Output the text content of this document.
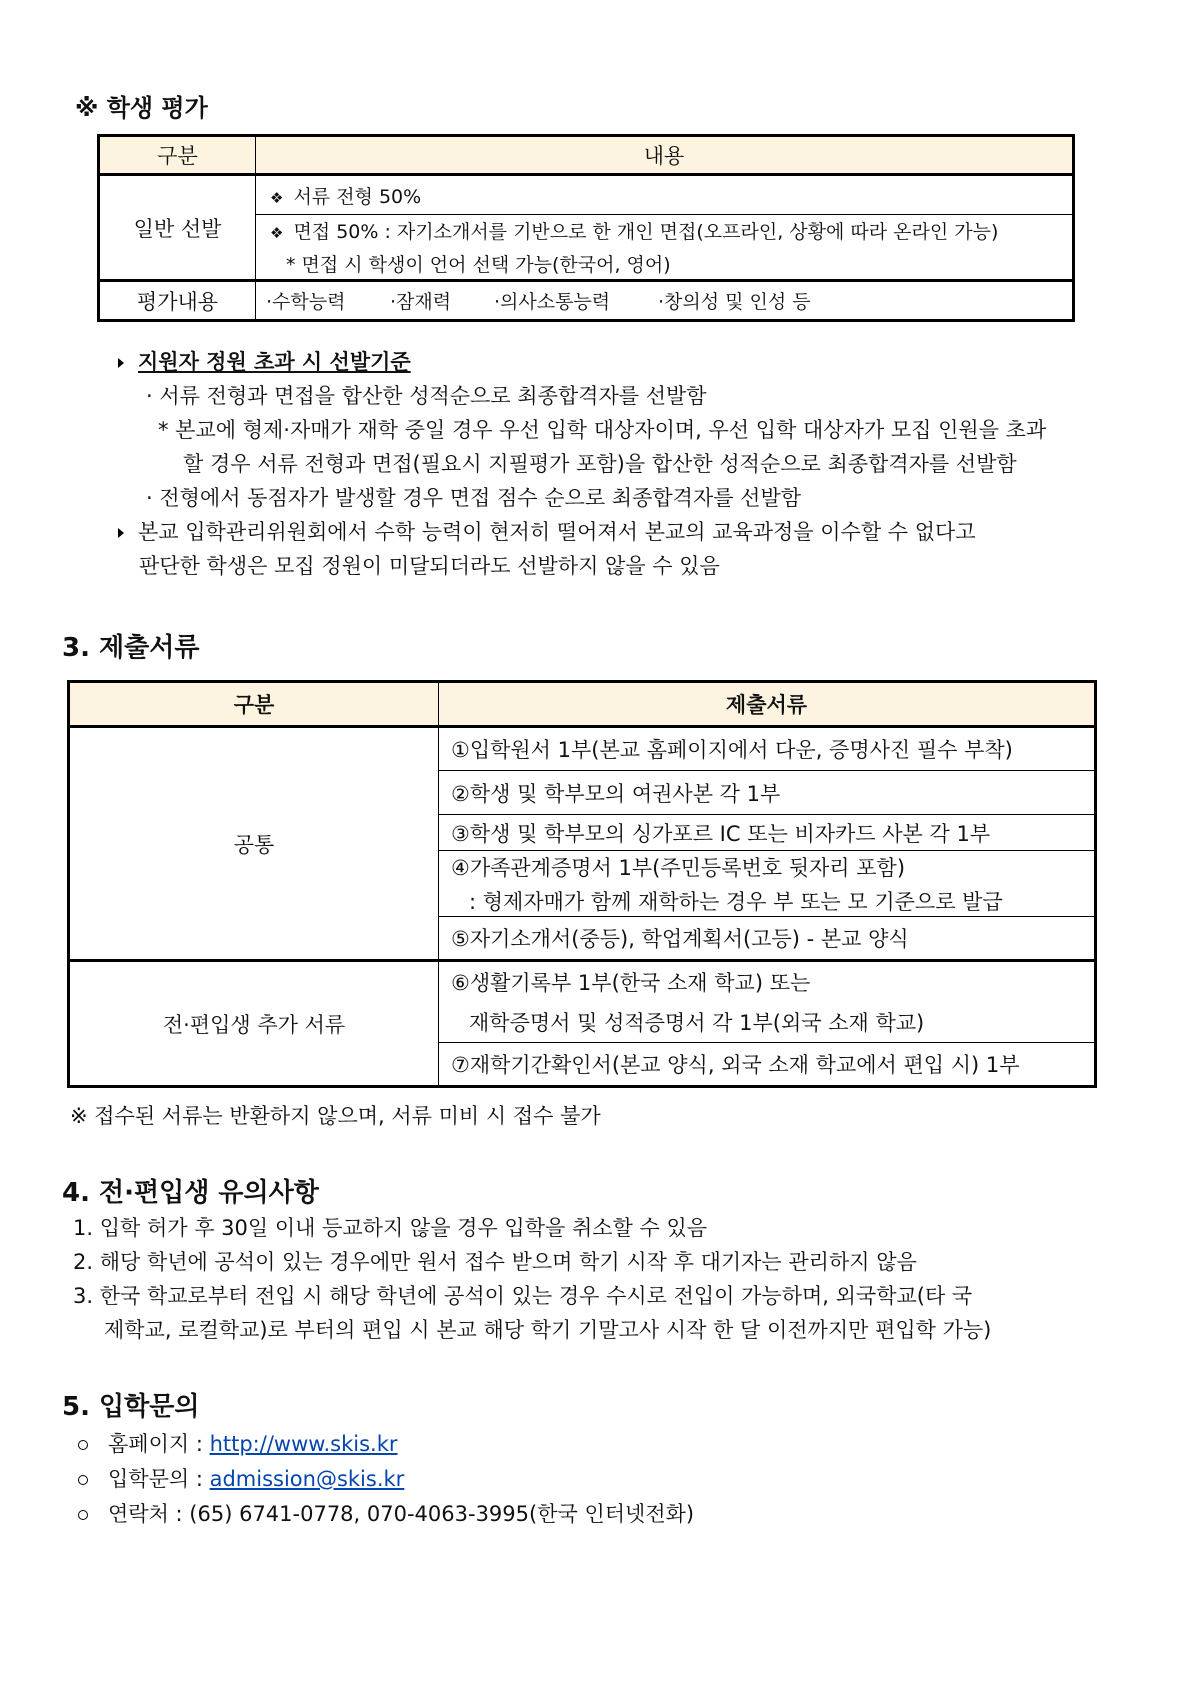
※ 학생 평가
구분	내용
일반 선발	❖ 서류 전형 50%

	❖ 면접 50% : 자기소개서를 기반으로 한 개인 면접(오프라인, 상황에 따라 온라인 가능)
* 면접 시 학생이 언어 선택 가능(한국어, 영어)

평가내용	·수학능력 ·잠재력 ·의사소통능력 ·창의성 및 인성 등
지원자 정원 초과 시 선발기준
· 서류 전형과 면접을 합산한 성적순으로 최종합격자를 선발함
* 본교에 형제·자매가 재학 중일 경우 우선 입학 대상자이며, 우선 입학 대상자가 모집 인원을 초과
할 경우 서류 전형과 면접(필요시 지필평가 포함)을 합산한 성적순으로 최종합격자를 선발함
· 전형에서 동점자가 발생할 경우 면접 점수 순으로 최종합격자를 선발함
본교 입학관리위원회에서 수학 능력이 현저히 떨어져서 본교의 교육과정을 이수할 수 없다고
판단한 학생은 모집 정원이 미달되더라도 선발하지 않을 수 있음
3. 제출서류
구분	제출서류
공통	①입학원서 1부(본교 홈페이지에서 다운, 증명사진 필수 부착)
	②학생 및 학부모의 여권사본 각 1부
	③학생 및 학부모의 싱가포르 IC 또는 비자카드 사본 각 1부

	④가족관계증명서 1부(주민등록번호 뒷자리 포함)
: 형제자매가 함께 재학하는 경우 부 또는 모 기준으로 발급

	⑤자기소개서(중등), 학업계획서(고등) - 본교 양식
전·편입생 추가 서류	⑥생활기록부 1부(한국 소재 학교) 또는
재학증명서 및 성적증명서 각 1부(외국 소재 학교)

	⑦재학기간확인서(본교 양식, 외국 소재 학교에서 편입 시) 1부
※ 접수된 서류는 반환하지 않으며, 서류 미비 시 접수 불가
4. 전·편입생 유의사항
1. 입학 허가 후 30일 이내 등교하지 않을 경우 입학을 취소할 수 있음
2. 해당 학년에 공석이 있는 경우에만 원서 접수 받으며 학기 시작 후 대기자는 관리하지 않음
3. 한국 학교로부터 전입 시 해당 학년에 공석이 있는 경우 수시로 전입이 가능하며, 외국학교(타 국
제학교, 로컬학교)로 부터의 편입 시 본교 해당 학기 기말고사 시작 한 달 이전까지만 편입학 가능)
5. 입학문의
홈페이지 : http://www.skis.kr
입학문의 : admission@skis.kr
연락처 : (65) 6741-0778, 070-4063-3995(한국 인터넷전화)
